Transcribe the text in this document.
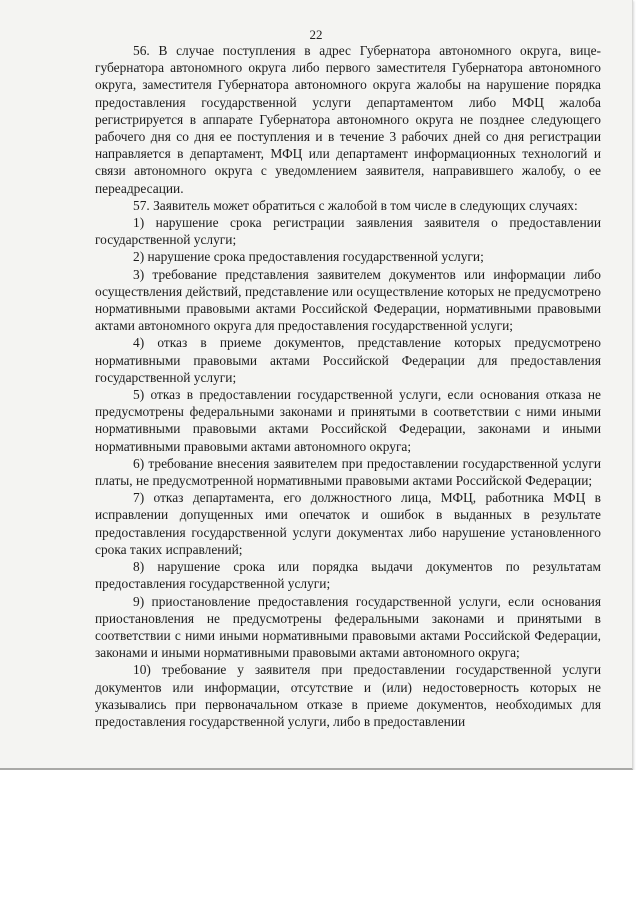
22

56. В случае поступления в адрес Губернатора автономного округа, вице-губернатора автономного округа либо первого заместителя Губернатора автономного округа, заместителя Губернатора автономного округа жалобы на нарушение порядка предоставления государственной услуги департаментом либо МФЦ жалоба регистрируется в аппарате Губернатора автономного округа не позднее следующего рабочего дня со дня ее поступления и в течение 3 рабочих дней со дня регистрации направляется в департамент, МФЦ или департамент информационных технологий и связи автономного округа с уведомлением заявителя, направившего жалобу, о ее переадресации.

57. Заявитель может обратиться с жалобой в том числе в следующих случаях:

1) нарушение срока регистрации заявления заявителя о предоставлении государственной услуги;

2) нарушение срока предоставления государственной услуги;

3) требование представления заявителем документов или информации либо осуществления действий, представление или осуществление которых не предусмотрено нормативными правовыми актами Российской Федерации, нормативными правовыми актами автономного округа для предоставления государственной услуги;

4) отказ в приеме документов, представление которых предусмотрено нормативными правовыми актами Российской Федерации для предоставления государственной услуги;

5) отказ в предоставлении государственной услуги, если основания отказа не предусмотрены федеральными законами и принятыми в соответствии с ними иными нормативными правовыми актами Российской Федерации, законами и иными нормативными правовыми актами автономного округа;

6) требование внесения заявителем при предоставлении государственной услуги платы, не предусмотренной нормативными правовыми актами Российской Федерации;

7) отказ департамента, его должностного лица, МФЦ, работника МФЦ в исправлении допущенных ими опечаток и ошибок в выданных в результате предоставления государственной услуги документах либо нарушение установленного срока таких исправлений;

8) нарушение срока или порядка выдачи документов по результатам предоставления государственной услуги;

9) приостановление предоставления государственной услуги, если основания приостановления не предусмотрены федеральными законами и принятыми в соответствии с ними иными нормативными правовыми актами Российской Федерации, законами и иными нормативными правовыми актами автономного округа;

10) требование у заявителя при предоставлении государственной услуги документов или информации, отсутствие и (или) недостоверность которых не указывались при первоначальном отказе в приеме документов, необходимых для предоставления государственной услуги, либо в предоставлении
